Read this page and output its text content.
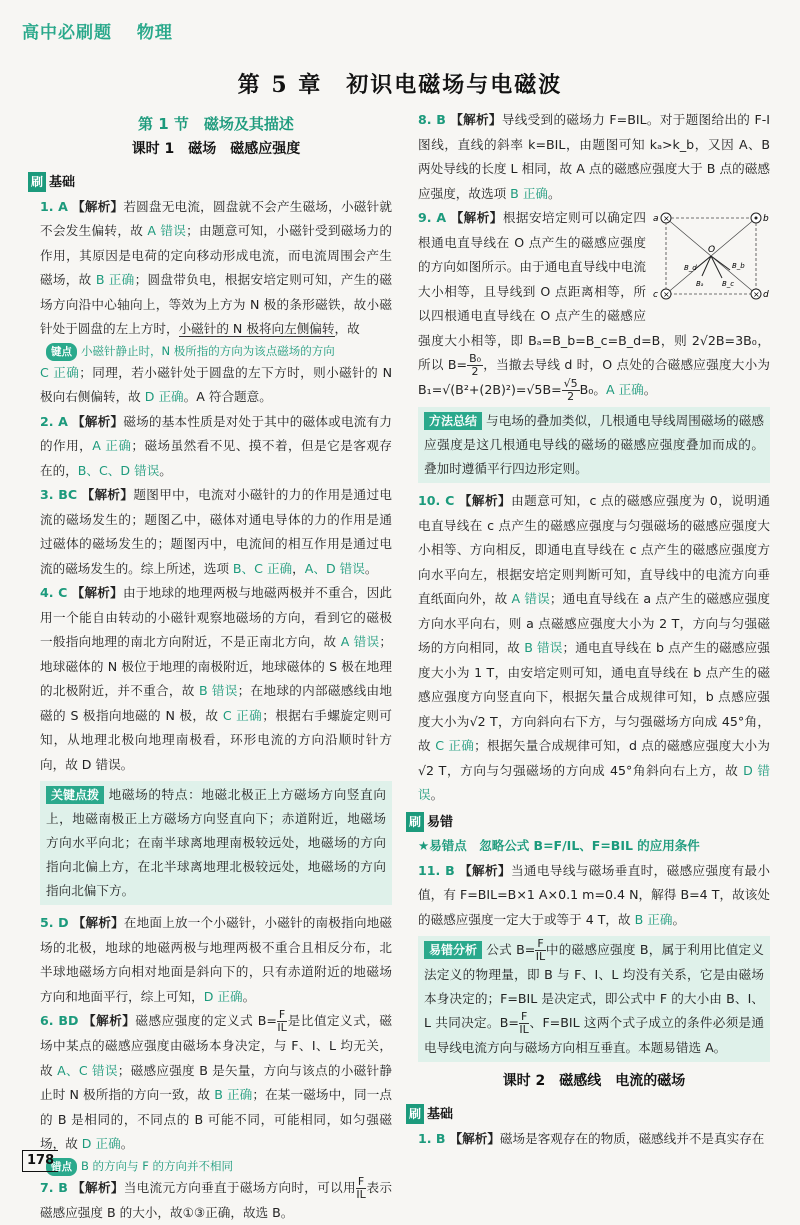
高中必刷题 物理
第 5 章　初识电磁场与电磁波
第 1 节　磁场及其描述
课时 1　磁场　磁感应强度
刷 基础
1. A 【解析】若圆盘无电流，圆盘就不会产生磁场，小磁针就不会发生偏转，故 A 错误；由题意可知，小磁针受到磁场力的作用，其原因是电荷的定向移动形成电流，而电流周围会产生磁场，故 B 正确；圆盘带负电，根据安培定则可知，产生的磁场方向沿中心轴向上，等效为上方为 N 极的条形磁铁，故小磁针处于圆盘的左上方时，小磁针的 N 极将向左侧偏转，故
键点 小磁针静止时，N 极所指的方向为该点磁场的方向
C 正确；同理，若小磁针处于圆盘的左下方时，则小磁针的 N 极向右侧偏转，故 D 正确。A 符合题意。
2. A 【解析】磁场的基本性质是对处于其中的磁体或电流有力的作用，A 正确；磁场虽然看不见、摸不着，但是它是客观存在的，B、C、D 错误。
3. BC 【解析】题图甲中，电流对小磁针的力的作用是通过电流的磁场发生的；题图乙中，磁体对通电导体的力的作用是通过磁体的磁场发生的；题图丙中，电流间的相互作用是通过电流的磁场发生的。综上所述，选项 B、C 正确，A、D 错误。
4. C 【解析】由于地球的地理两极与地磁两极并不重合，因此用一个能自由转动的小磁针观察地磁场的方向，看到它的磁极一般指向地理的南北方向附近，不是正南北方向，故 A 错误；地球磁体的 N 极位于地理的南极附近，地球磁体的 S 极在地理的北极附近，并不重合，故 B 错误；在地球的内部磁感线由地磁的 S 极指向地磁的 N 极，故 C 正确；根据右手螺旋定则可知，从地理北极向地理南极看，环形电流的方向沿顺时针方向，故 D 错误。
关键点拨 地磁场的特点：地磁北极正上方磁场方向竖直向上，地磁南极正上方磁场方向竖直向下；赤道附近，地磁场方向水平向北；在南半球离地理南极较远处，地磁场的方向指向北偏上方，在北半球离地理北极较远处，地磁场的方向指向北偏下方。
5. D 【解析】在地面上放一个小磁针，小磁针的南极指向地磁场的北极，地球的地磁两极与地理两极不重合且相反分布，北半球地磁场方向相对地面是斜向下的，只有赤道附近的地磁场方向和地面平行，综上可知，D 正确。
6. BD 【解析】磁感应强度的定义式 $B= \frac{F}{IL}$ 是比值定义式，磁场中某点的磁感应强度由磁场本身决定，与 F、I、L 均无关，故 A、C 错误；磁感应强度 B 是矢量，方向与该点的小磁针静止时 N 极所指的方向一致，故 B 正确；在某一磁场中，同一点的 B 是相同的，不同点的 B 可能不同，可能相同，如匀强磁场，故 D 正确。
错点 B 的方向与 F 的方向并不相同
7. B 【解析】当电流元方向垂直于磁场方向时，可以用 $\frac{F}{IL}$ 表示磁感应强度 B 的大小，故①③正确，故选 B。
8. B 【解析】导线受到的磁场力 F=BIL。对于题图给出的 F-I 图线，直线的斜率 k=BIL，由题图可知 kₐ>k_b，又因 A、B 两处导线的长度 L 相同，故 A 点的磁感应强度大于 B 点的磁感应强度，故选项 B 正确。
×
×	×
a	b
c	d
O
B_b
B_d
Bₐ	B_c
9. A 【解析】根据安培定则可以确定四根通电直导线在 O 点产生的磁感应强度的方向如图所示。由于通电直导线中电流大小相等，且导线到 O 点距离相等，所以四根通电直导线在 O 点产生的磁感应强度大小相等，即 Bₐ=B_b=B_c=B_d=B，则 2√2B=3B₀，所以 $B= \frac{\text{B₀}}{2}$ ，当撤去导线 d 时，O 点处的合磁感应强度大小为 $B_1=√(B^2+(2B)^2)=√5B= \frac{√5}{2} B_0$。A 正确。
方法总结 与电场的叠加类似，几根通电导线周围磁场的磁感应强度是这几根通电导线的磁场的磁感应强度叠加而成的。叠加时遵循平行四边形定则。
10. C 【解析】由题意可知，c 点的磁感应强度为 0，说明通电直导线在 c 点产生的磁感应强度与匀强磁场的磁感应强度大小相等、方向相反，即通电直导线在 c 点产生的磁感应强度方向水平向左，根据安培定则判断可知，直导线中的电流方向垂直纸面向外，故 A 错误；通电直导线在 a 点产生的磁感应强度方向水平向右，则 a 点磁感应强度大小为 2 T，方向与匀强磁场的方向相同，故 B 错误；通电直导线在 b 点产生的磁感应强度大小为 1 T，由安培定则可知，通电直导线在 b 点产生的磁感应强度方向竖直向下，根据矢量合成规律可知，b 点感应强度大小为√2 T，方向斜向右下方，与匀强磁场方向成 45°角，故 C 正确；根据矢量合成规律可知，d 点的磁感应强度大小为√2 T，方向与匀强磁场的方向成 45°角斜向右上方，故 D 错误。
刷 易错
★易错点　忽略公式 B=F/IL、F=BIL 的应用条件
11. B 【解析】当通电导线与磁场垂直时，磁感应强度有最小值，有 F=BIL=B×1 A×0.1 m=0.4 N，解得 B=4 T，故该处的磁感应强度一定大于或等于 4 T，故 B 正确。
易错分析 公式 $B= \frac{F}{IL}$ 中的磁感应强度 B，属于利用比值定义法定义的物理量，即 B 与 F、I、L 均没有关系，它是由磁场本身决定的；F=BIL 是决定式，即公式中 F 的大小由 B、I、L 共同决定。$B= \frac{F}{IL}$ 、F=BIL 这两个式子成立的条件必须是通电导线电流方向与磁场方向相互垂直。本题易错选 A。
课时 2　磁感线　电流的磁场
刷 基础
1. B 【解析】磁场是客观存在的物质，磁感线并不是真实存在
178
